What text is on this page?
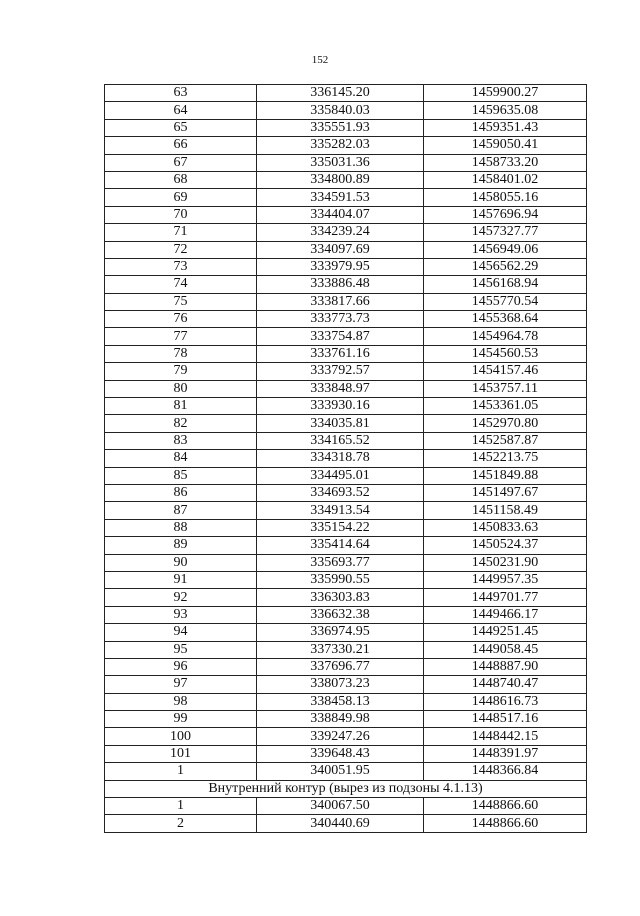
152
63	336145.20	1459900.27
64	335840.03	1459635.08
65	335551.93	1459351.43
66	335282.03	1459050.41
67	335031.36	1458733.20
68	334800.89	1458401.02
69	334591.53	1458055.16
70	334404.07	1457696.94
71	334239.24	1457327.77
72	334097.69	1456949.06
73	333979.95	1456562.29
74	333886.48	1456168.94
75	333817.66	1455770.54
76	333773.73	1455368.64
77	333754.87	1454964.78
78	333761.16	1454560.53
79	333792.57	1454157.46
80	333848.97	1453757.11
81	333930.16	1453361.05
82	334035.81	1452970.80
83	334165.52	1452587.87
84	334318.78	1452213.75
85	334495.01	1451849.88
86	334693.52	1451497.67
87	334913.54	1451158.49
88	335154.22	1450833.63
89	335414.64	1450524.37
90	335693.77	1450231.90
91	335990.55	1449957.35
92	336303.83	1449701.77
93	336632.38	1449466.17
94	336974.95	1449251.45
95	337330.21	1449058.45
96	337696.77	1448887.90
97	338073.23	1448740.47
98	338458.13	1448616.73
99	338849.98	1448517.16
100	339247.26	1448442.15
101	339648.43	1448391.97
1	340051.95	1448366.84
Внутренний контур (вырез из подзоны 4.1.13)		
1	340067.50	1448866.60
2	340440.69	1448866.60
